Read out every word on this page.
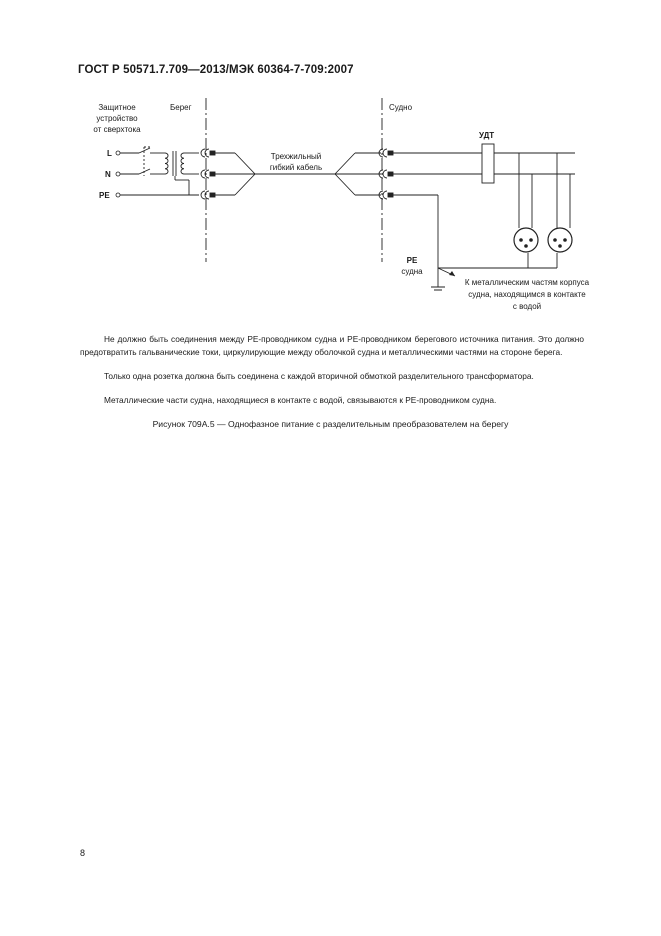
ГОСТ Р 50571.7.709—2013/МЭК 60364-7-709:2007
Защитное
устройство
от сверхтока
Берег	Судно
L
N
PE
Трехжильный
гибкий кабель
УДТ
PE
судна
К металлическим частям корпуса
судна, находящимся в контакте
с водой
Не должно быть соединения между PE-проводником судна и PE-проводником берегового источника питания. Это должно предотвратить гальванические токи, циркулирующие между оболочкой судна и металлическими частями на стороне берега.
Только одна розетка должна быть соединена с каждой вторичной обмоткой разделительного трансформатора.
Металлические части судна, находящиеся в контакте с водой, связываются к PE-проводником судна.
Рисунок 709А.5 — Однофазное питание с разделительным преобразователем на берегу
8
